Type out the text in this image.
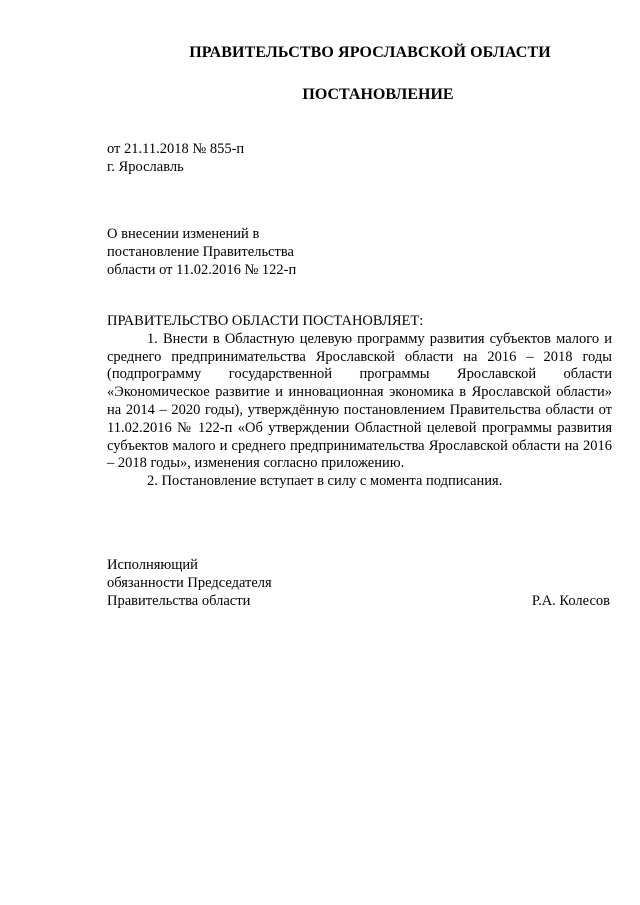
ПРАВИТЕЛЬСТВО ЯРОСЛАВСКОЙ ОБЛАСТИ
ПОСТАНОВЛЕНИЕ
от 21.11.2018 № 855-п
г. Ярославль
О внесении изменений в
постановление Правительства
области от 11.02.2016 № 122-п

ПРАВИТЕЛЬСТВО ОБЛАСТИ ПОСТАНОВЛЯЕТ:

1. Внести в Областную целевую программу развития субъектов малого и среднего предпринимательства Ярославской области на 2016 – 2018 годы (подпрограмму государственной программы Ярославской области «Экономическое развитие и инновационная экономика в Ярославской области» на 2014 – 2020 годы), утверждённую постановлением Правительства области от 11.02.2016 № 122-п «Об утверждении Областной целевой программы развития субъектов малого и среднего предпринимательства Ярославской области на 2016 – 2018 годы», изменения согласно приложению.

2. Постановление вступает в силу с момента подписания.

Исполняющий
обязанности Председателя
Правительства области	Р.А. Колесов
